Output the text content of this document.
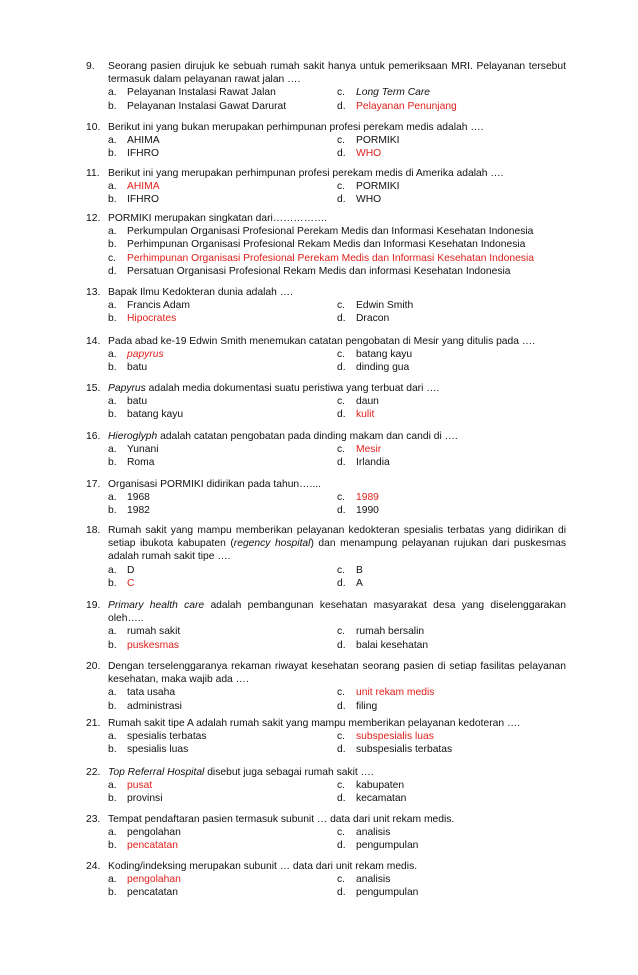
9.	Seorang pasien dirujuk ke sebuah rumah sakit hanya untuk pemeriksaan MRI. Pelayanan tersebut termasuk dalam pelayanan rawat jalan ….
a.	Pelayanan Instalasi Rawat Jalan	c.	Long Term Care
b.	Pelayanan Instalasi Gawat Darurat	d.	Pelayanan Penunjang
10. Berikut ini yang bukan merupakan perhimpunan profesi perekam medis adalah ….
a.	AHIMA	c.	PORMIKI
b.	IFHRO	d.	WHO
11. Berikut ini yang merupakan perhimpunan profesi perekam medis di Amerika adalah ….
a.	AHIMA	c.	PORMIKI
b.	IFHRO	d.	WHO
12. PORMIKI merupakan singkatan dari…………….
a.	Perkumpulan Organisasi Profesional Perekam Medis dan Informasi Kesehatan Indonesia
b.	Perhimpunan Organisasi Profesional Rekam Medis dan Informasi Kesehatan Indonesia
c.	Perhimpunan Organisasi Profesional Perekam Medis dan Informasi Kesehatan Indonesia
d.	Persatuan Organisasi Profesional Rekam Medis dan informasi Kesehatan Indonesia
13. Bapak Ilmu Kedokteran dunia adalah ….
a.	Francis Adam	c.	Edwin Smith
b.	Hipocrates	d.	Dracon
14. Pada abad ke-19 Edwin Smith menemukan catatan pengobatan di Mesir yang ditulis pada ….
a.	papyrus	c.	batang kayu
b.	batu	d.	dinding gua
15. Papyrus adalah media dokumentasi suatu peristiwa yang terbuat dari ….
a.	batu	c.	daun
b.	batang kayu	d.	kulit
16. Hieroglyph adalah catatan pengobatan pada dinding makam dan candi di ….
a.	Yunani	c.	Mesir
b.	Roma	d.	Irlandia
17. Organisasi PORMIKI didirikan pada tahun…....
a.	1968	c.	1989
b.	1982	d.	1990
18. Rumah sakit yang mampu memberikan pelayanan kedokteran spesialis terbatas yang didirikan di setiap ibukota kabupaten (regency hospital) dan menampung pelayanan rujukan dari puskesmas adalah rumah sakit tipe ….
a.	D	c.	B
b.	C	d.	A
19. Primary health care adalah pembangunan kesehatan masyarakat desa yang diselenggarakan oleh…..
a.	rumah sakit	c.	rumah bersalin
b.	puskesmas	d.	balai kesehatan
20. Dengan terselenggaranya rekaman riwayat kesehatan seorang pasien di setiap fasilitas pelayanan kesehatan, maka wajib ada ….
a.	tata usaha	c.	unit rekam medis
b.	administrasi	d.	filing
21. Rumah sakit tipe A adalah rumah sakit yang mampu memberikan pelayanan kedoteran ….
a.	spesialis terbatas	c.	subspesialis luas
b.	spesialis luas	d.	subspesialis terbatas
22. Top Referral Hospital disebut juga sebagai rumah sakit ….
a.	pusat	c.	kabupaten
b.	provinsi	d.	kecamatan
23. Tempat pendaftaran pasien termasuk subunit … data dari unit rekam medis.
a.	pengolahan	c.	analisis
b.	pencatatan	d.	pengumpulan
24. Koding/indeksing merupakan subunit … data dari unit rekam medis.
a.	pengolahan	c.	analisis
b.	pencatatan	d.	pengumpulan
